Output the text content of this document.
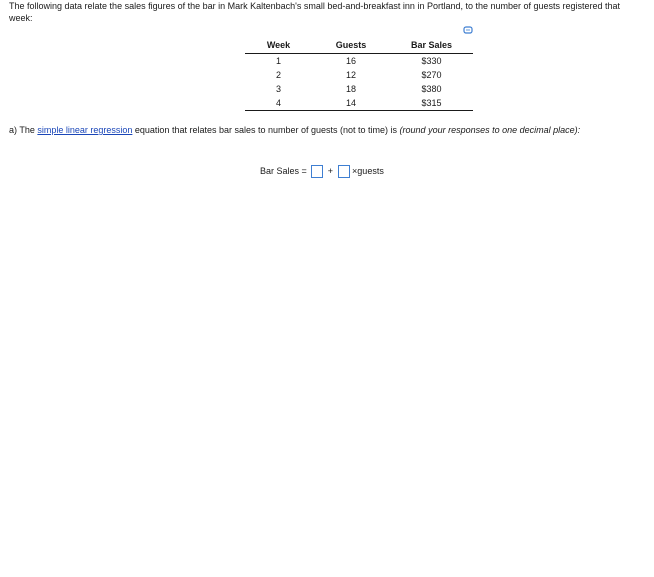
The following data relate the sales figures of the bar in Mark Kaltenbach's small bed-and-breakfast inn in Portland, to the number of guests registered that week:
Week	Guests	Bar Sales
1	16	$330
2	12	$270
3	18	$380
4	14	$315
a) The simple linear regression equation that relates bar sales to number of guests (not to time) is (round your responses to one decimal place):
Bar Sales = + ×guests
